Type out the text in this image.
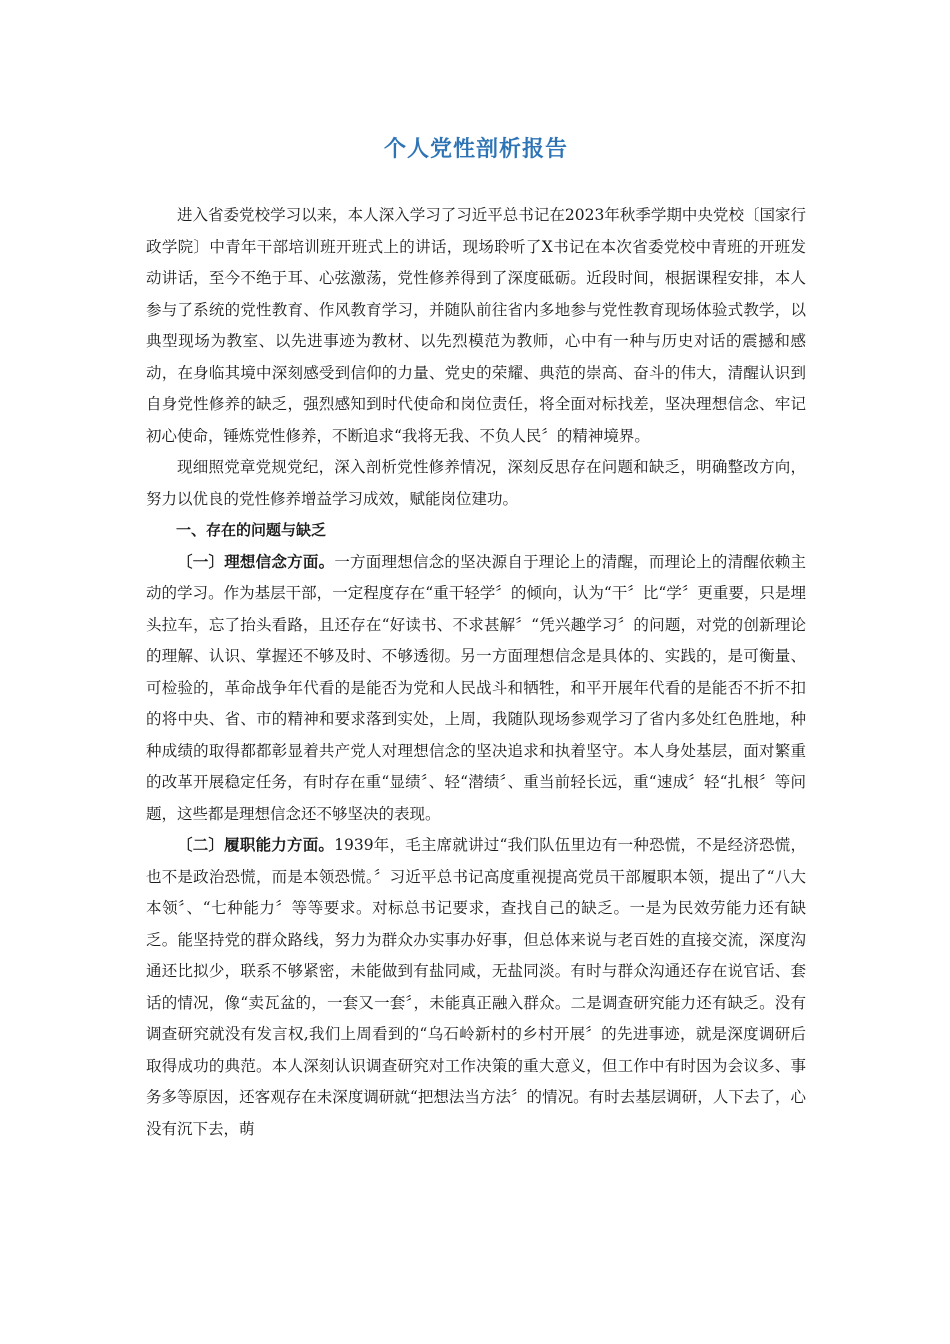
个人党性剖析报告

进入省委党校学习以来，本人深入学习了习近平总书记在2023年秋季学期中央党校〔国家行政学院〕中青年干部培训班开班式上的讲话，现场聆听了X书记在本次省委党校中青班的开班发动讲话，至今不绝于耳、心弦激荡，党性修养得到了深度砥砺。近段时间，根据课程安排，本人参与了系统的党性教育、作风教育学习，并随队前往省内多地参与党性教育现场体验式教学，以典型现场为教室、以先进事迹为教材、以先烈模范为教师，心中有一种与历史对话的震撼和感动，在身临其境中深刻感受到信仰的力量、党史的荣耀、典范的崇高、奋斗的伟大，清醒认识到自身党性修养的缺乏，强烈感知到时代使命和岗位责任，将全面对标找差，坚决理想信念、牢记初心使命，锤炼党性修养，不断追求“我将无我、不负人民〞的精神境界。

现细照党章党规党纪，深入剖析党性修养情况，深刻反思存在问题和缺乏，明确整改方向，努力以优良的党性修养增益学习成效，赋能岗位建功。

一、存在的问题与缺乏

〔一〕理想信念方面。一方面理想信念的坚决源自于理论上的清醒，而理论上的清醒依赖主动的学习。作为基层干部，一定程度存在“重干轻学〞的倾向，认为“干〞比“学〞更重要，只是埋头拉车，忘了抬头看路，且还存在“好读书、不求甚解〞“凭兴趣学习〞的问题，对党的创新理论的理解、认识、掌握还不够及时、不够透彻。另一方面理想信念是具体的、实践的，是可衡量、可检验的，革命战争年代看的是能否为党和人民战斗和牺牲，和平开展年代看的是能否不折不扣的将中央、省、市的精神和要求落到实处，上周，我随队现场参观学习了省内多处红色胜地，种种成绩的取得都都彰显着共产党人对理想信念的坚决追求和执着坚守。本人身处基层，面对繁重的改革开展稳定任务，有时存在重“显绩〞、轻“潜绩〞、重当前轻长远，重“速成〞轻“扎根〞等问题，这些都是理想信念还不够坚决的表现。

〔二〕履职能力方面。1939年，毛主席就讲过“我们队伍里边有一种恐慌，不是经济恐慌，也不是政治恐慌，而是本领恐慌。〞习近平总书记高度重视提高党员干部履职本领，提出了“八大本领〞、“七种能力〞等等要求。对标总书记要求，查找自己的缺乏。一是为民效劳能力还有缺乏。能坚持党的群众路线，努力为群众办实事办好事，但总体来说与老百姓的直接交流，深度沟通还比拟少，联系不够紧密，未能做到有盐同咸，无盐同淡。有时与群众沟通还存在说官话、套话的情况，像“卖瓦盆的，一套又一套〞，未能真正融入群众。二是调查研究能力还有缺乏。没有调查研究就没有发言权,我们上周看到的“乌石岭新村的乡村开展〞的先进事迹，就是深度调研后取得成功的典范。本人深刻认识调查研究对工作决策的重大意义，但工作中有时因为会议多、事务多等原因，还客观存在未深度调研就“把想法当方法〞的情况。有时去基层调研，人下去了，心没有沉下去，萌
